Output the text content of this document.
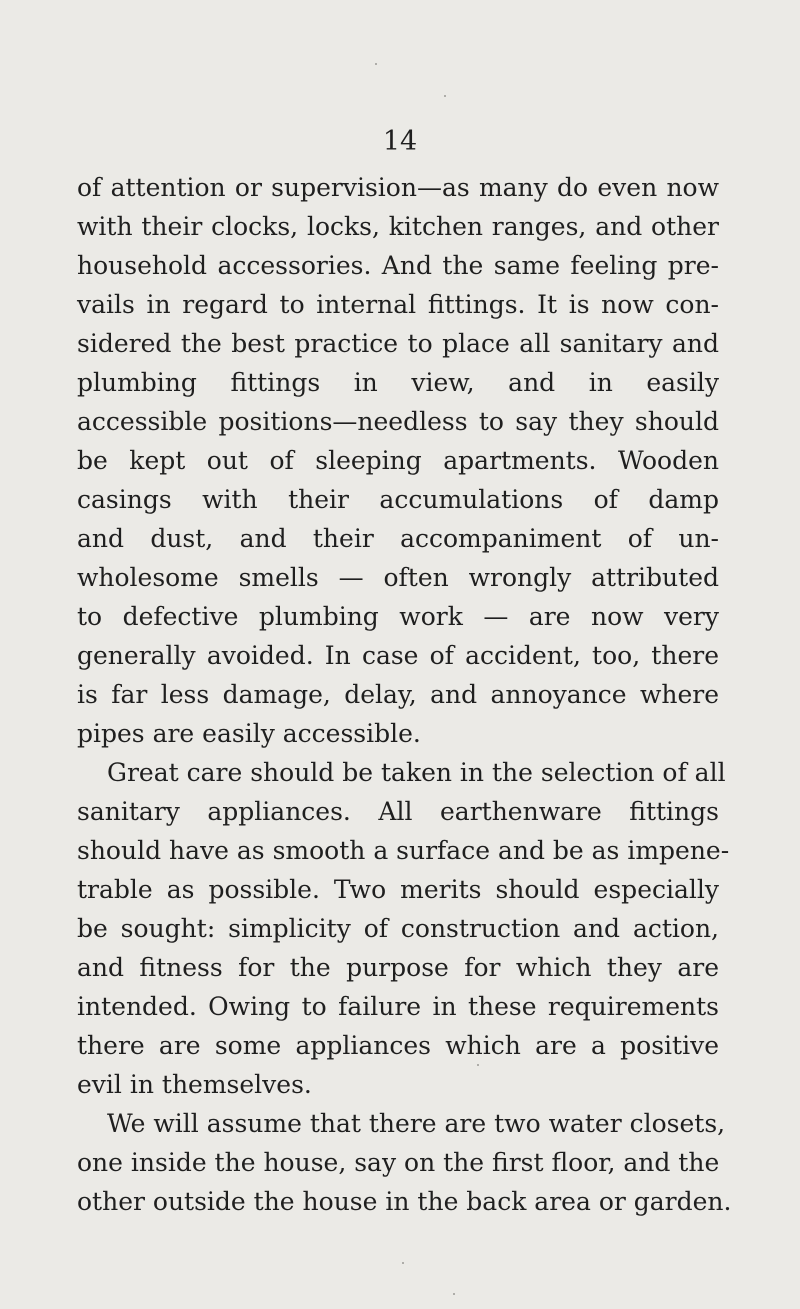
14
of attention or supervision—as many do even now
with their clocks, locks, kitchen ranges, and other
household accessories. And the same feeling pre-
vails in regard to internal fittings. It is now con-
sidered the best practice to place all sanitary and
plumbing fittings in view, and in easily
accessible positions—needless to say they should
be kept out of sleeping apartments. Wooden
casings with their accumulations of damp
and dust, and their accompaniment of un-
wholesome smells — often wrongly attributed
to defective plumbing work — are now very
generally avoided. In case of accident, too, there
is far less damage, delay, and annoyance where
pipes are easily accessible.
Great care should be taken in the selection of all
sanitary appliances. All earthenware fittings
should have as smooth a surface and be as impene-
trable as possible. Two merits should especially
be sought: simplicity of construction and action,
and fitness for the purpose for which they are
intended. Owing to failure in these requirements
there are some appliances which are a positive
evil in themselves.
We will assume that there are two water closets,
one inside the house, say on the first floor, and the
other outside the house in the back area or garden.
